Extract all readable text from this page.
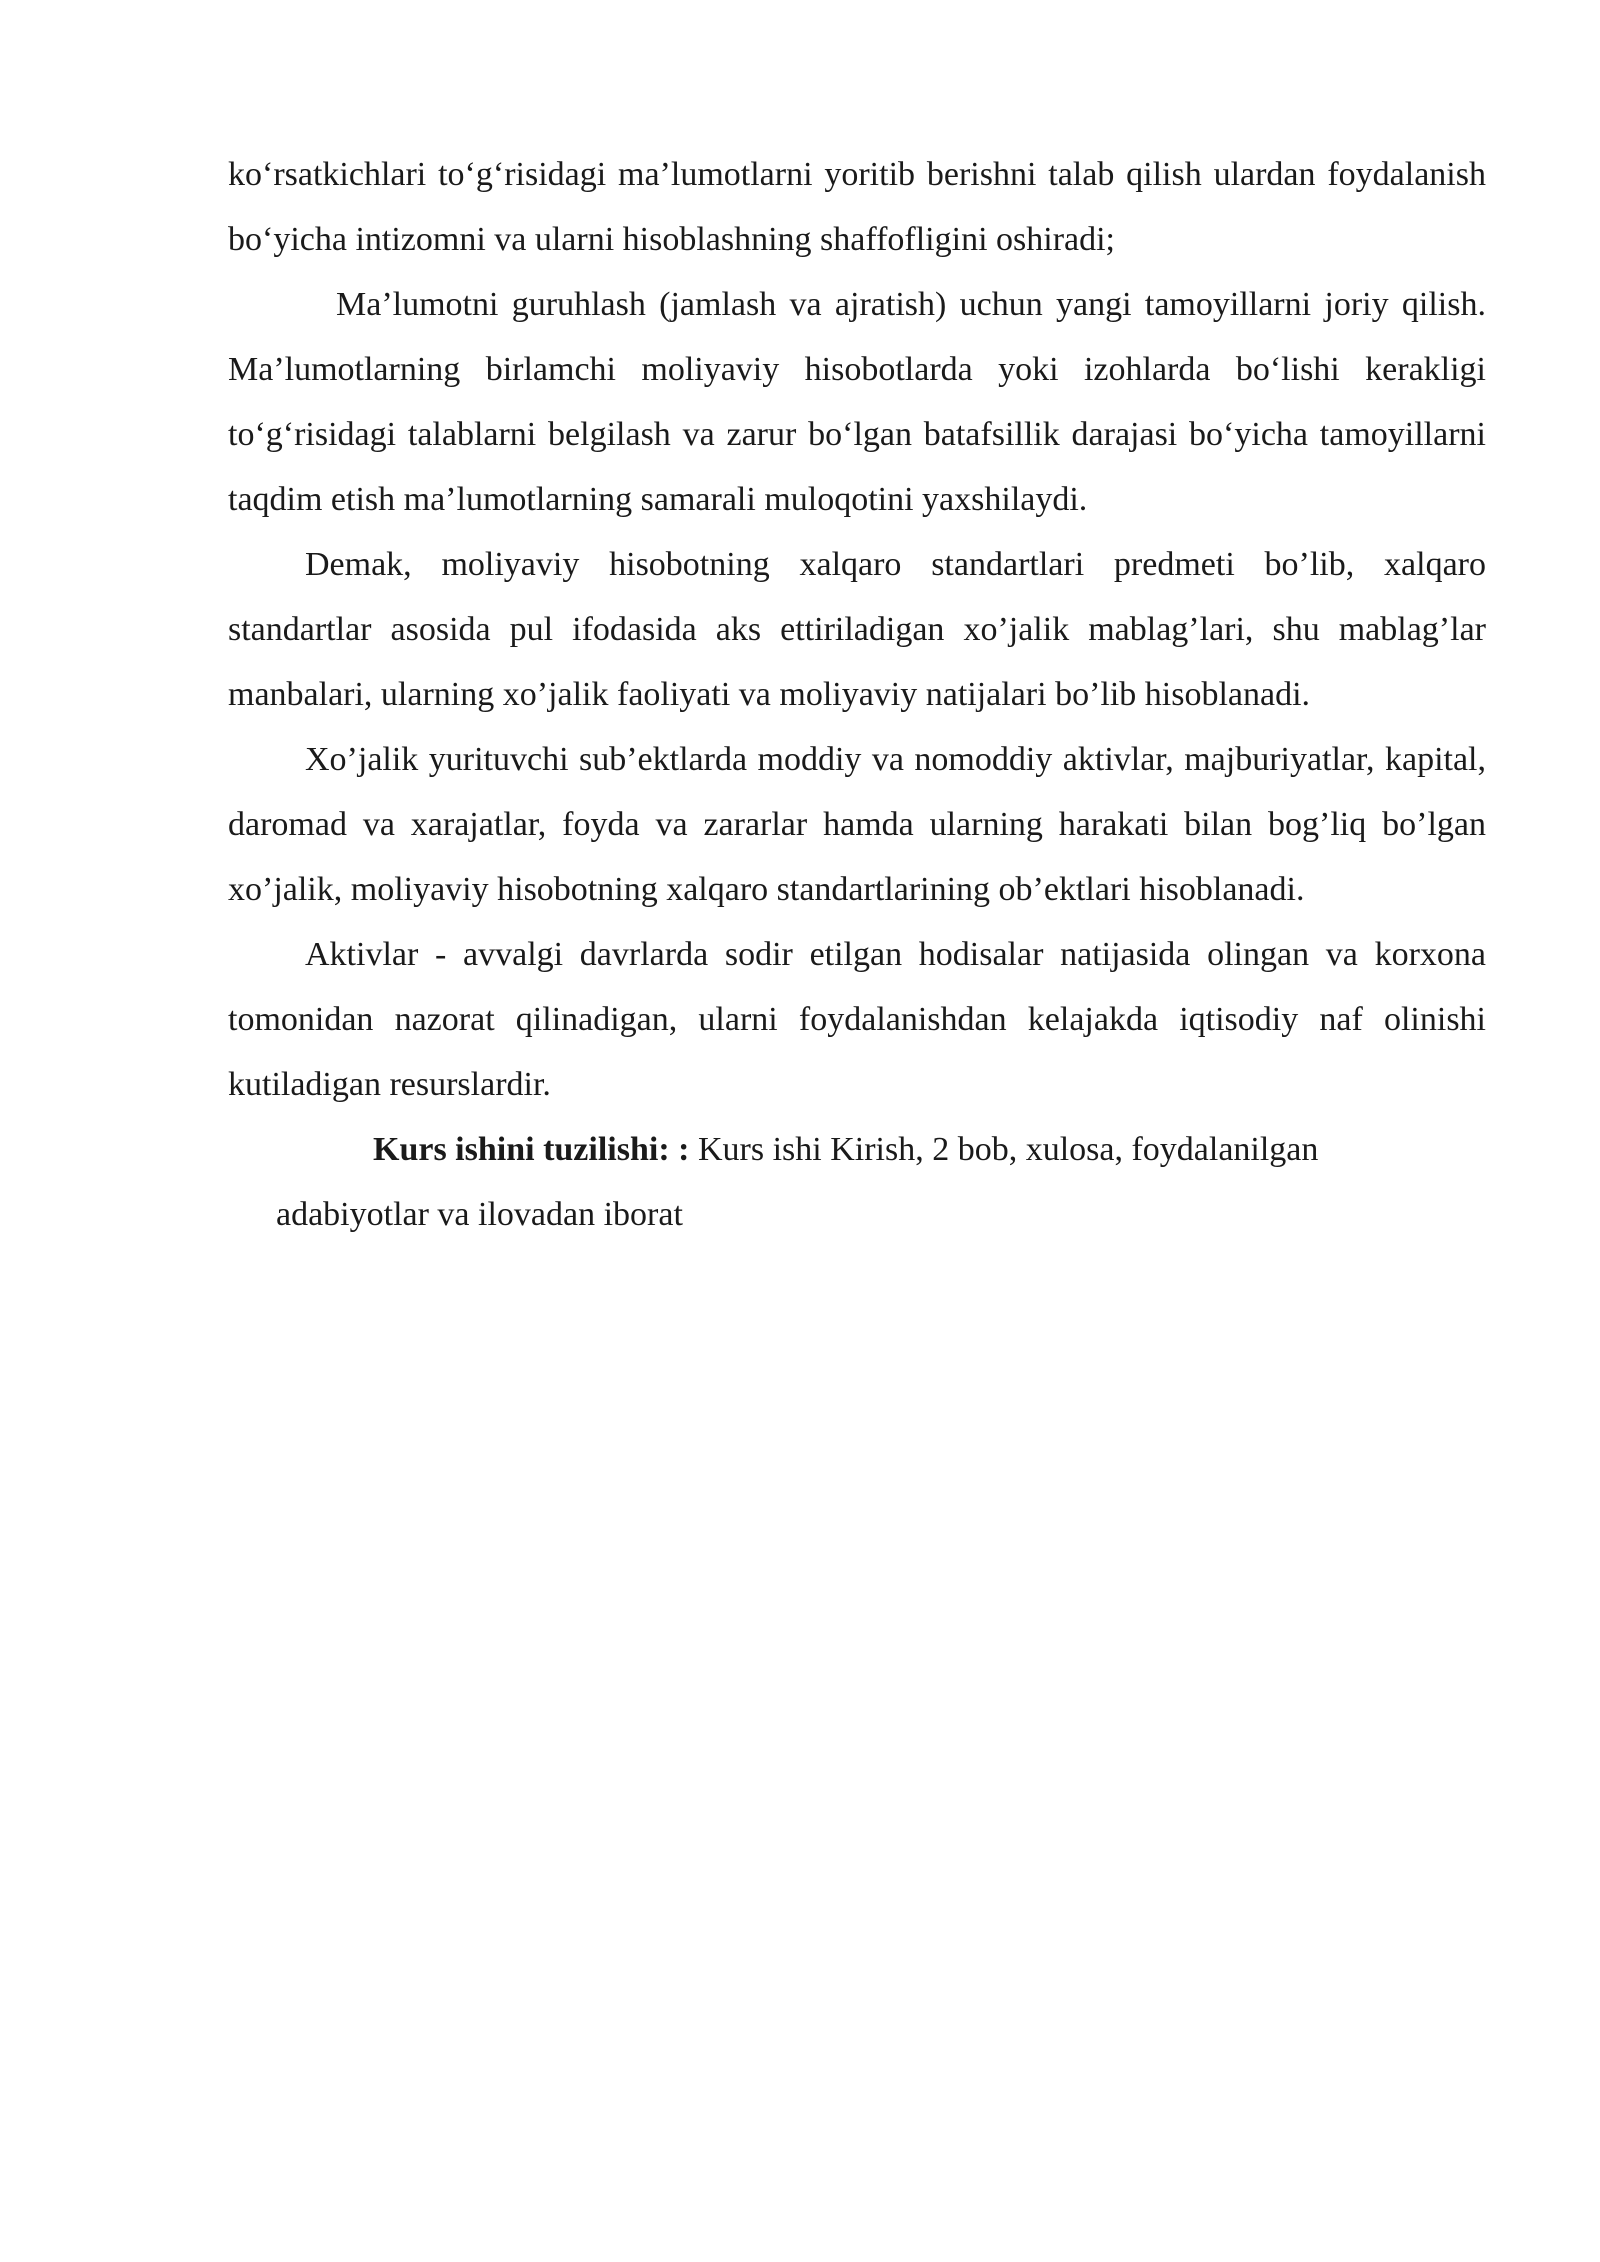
ko‘rsatkichlari to‘g‘risidagi ma’lumotlarni yoritib berishni talab qilish ulardan foydalanish bo‘yicha intizomni va ularni hisoblashning shaffofligini oshiradi;

Ma’lumotni guruhlash (jamlash va ajratish) uchun yangi tamoyillarni joriy qilish. Ma’lumotlarning birlamchi moliyaviy hisobotlarda yoki izohlarda bo‘lishi kerakligi to‘g‘risidagi talablarni belgilash va zarur bo‘lgan batafsillik darajasi bo‘yicha tamoyillarni taqdim etish ma’lumotlarning samarali muloqotini yaxshilaydi.

Demak, moliyaviy hisobotning xalqaro standartlari predmeti bo’lib, xalqaro standartlar asosida pul ifodasida aks ettiriladigan xo’jalik mablag’lari, shu mablag’lar manbalari, ularning xo’jalik faoliyati va moliyaviy natijalari bo’lib hisoblanadi.

Xo’jalik yurituvchi sub’ektlarda moddiy va nomoddiy aktivlar, majburiyatlar, kapital, daromad va xarajatlar, foyda va zararlar hamda ularning harakati bilan bog’liq bo’lgan xo’jalik, moliyaviy hisobotning xalqaro standartlarining ob’ektlari hisoblanadi.

Aktivlar - avvalgi davrlarda sodir etilgan hodisalar natijasida olingan va korxona tomonidan nazorat qilinadigan, ularni foydalanishdan kelajakda iqtisodiy naf olinishi kutiladigan resurslardir.

Kurs ishini tuzilishi: : Kurs ishi Kirish, 2 bob, xulosa, foydalanilgan
adabiyotlar va ilovadan iborat
